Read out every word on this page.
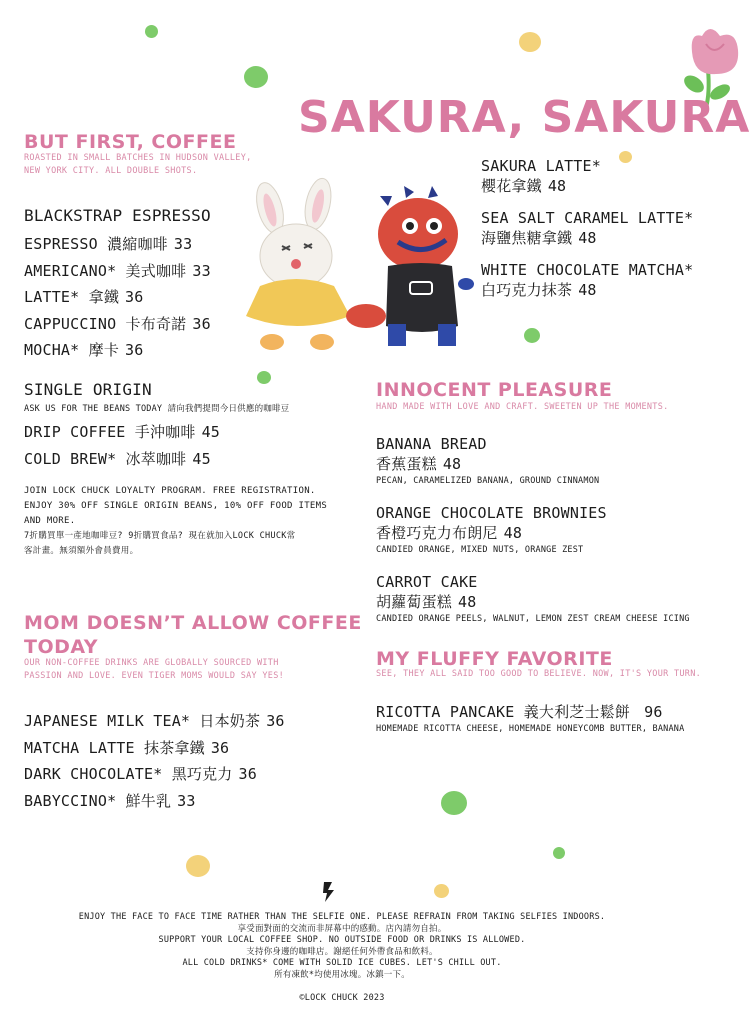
SAKURA, SAKURA
BUT FIRST, COFFEE
ROASTED IN SMALL BATCHES IN HUDSON VALLEY,
NEW YORK CITY. ALL DOUBLE SHOTS.
BLACKSTRAP ESPRESSO
ESPRESSO 濃縮咖啡 33
AMERICANO* 美式咖啡 33
LATTE* 拿鐵 36
CAPPUCCINO 卡布奇諾 36
MOCHA* 摩卡 36
SINGLE ORIGIN
ASK US FOR THE BEANS TODAY 請向我們提問今日供應的咖啡豆
DRIP COFFEE 手沖咖啡 45
COLD BREW* 冰萃咖啡 45
JOIN LOCK CHUCK LOYALTY PROGRAM. FREE REGISTRATION.
ENJOY 30% OFF SINGLE ORIGIN BEANS, 10% OFF FOOD ITEMS
AND MORE.
7折購買單一產地咖啡豆? 9折購買食品? 現在就加入LOCK CHUCK常
客計畫。無須額外會員費用。
MOM DOESN’T ALLOW COFFEE
TODAY
OUR NON-COFFEE DRINKS ARE GLOBALLY SOURCED WITH
PASSION AND LOVE. EVEN TIGER MOMS WOULD SAY YES!
JAPANESE MILK TEA* 日本奶茶 36
MATCHA LATTE 抹茶拿鐵 36
DARK CHOCOLATE* 黑巧克力 36
BABYCCINO* 鮮牛乳 33
SAKURA LATTE*
櫻花拿鐵 48
SEA SALT CARAMEL LATTE*
海鹽焦糖拿鐵 48
WHITE CHOCOLATE MATCHA*
白巧克力抹茶 48
INNOCENT PLEASURE
HAND MADE WITH LOVE AND CRAFT. SWEETEN UP THE MOMENTS.
BANANA BREAD
香蕉蛋糕 48
PECAN, CARAMELIZED BANANA, GROUND CINNAMON
ORANGE CHOCOLATE BROWNIES
香橙巧克力布朗尼 48
CANDIED ORANGE, MIXED NUTS, ORANGE ZEST
CARROT CAKE
胡蘿蔔蛋糕 48
CANDIED ORANGE PEELS, WALNUT, LEMON ZEST CREAM CHEESE ICING
MY FLUFFY FAVORITE
SEE, THEY ALL SAID TOO GOOD TO BELIEVE. NOW, IT'S YOUR TURN.
RICOTTA PANCAKE 義大利芝士鬆餅 96
HOMEMADE RICOTTA CHEESE, HOMEMADE HONEYCOMB BUTTER, BANANA
ENJOY THE FACE TO FACE TIME RATHER THAN THE SELFIE ONE. PLEASE REFRAIN FROM TAKING SELFIES INDOORS.
享受面對面的交流而非屏幕中的感動。店內請勿自拍。
SUPPORT YOUR LOCAL COFFEE SHOP. NO OUTSIDE FOOD OR DRINKS IS ALLOWED.
支持你身邊的咖啡店。謝絕任何外帶食品和飲料。
ALL COLD DRINKS* COME WITH SOLID ICE CUBES. LET'S CHILL OUT.
所有凍飲*均使用冰塊。冰鎮一下。
©LOCK CHUCK 2023
